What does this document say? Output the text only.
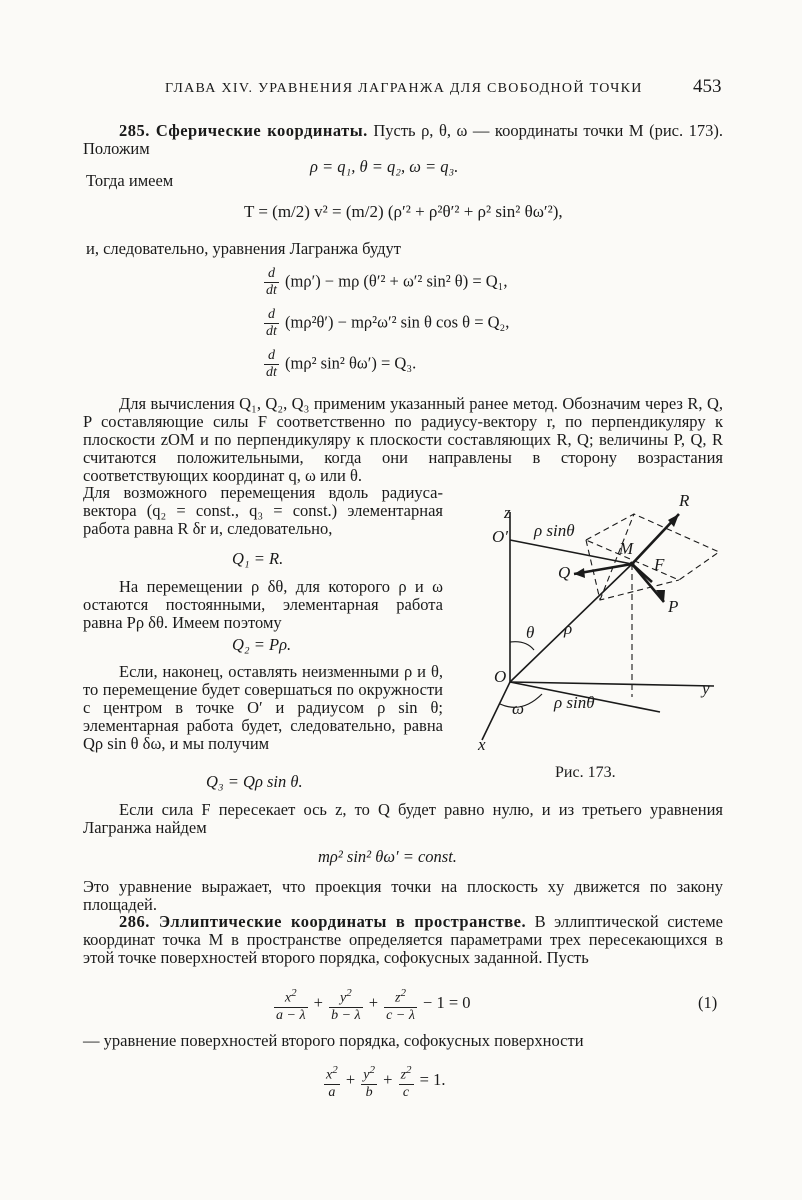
ГЛАВА XIV. УРАВНЕНИЯ ЛАГРАНЖА ДЛЯ СВОБОДНОЙ ТОЧКИ	453
285. Сферические координаты. Пусть ρ, θ, ω — координаты точки M (рис. 173). Положим
ρ = q₁, θ = q₂, ω = q₃.
Тогда имеем
T = (m/2) v² = (m/2) (ρ′² + ρ²θ′² + ρ² sin² θω′²),
и, следовательно, уравнения Лагранжа будут
$\frac{d}{dt} (m\rho') - m\rho$ (θ′² + ω′² sin² θ) = Q₁,
$\frac{d}{dt} (m\rho^2\theta') - m\rho^2\omega'^2$ sin θ cos θ = Q₂,
$\frac{d}{dt} (m\rho^2$ sin² θω′) = Q₃.
Для вычисления Q₁, Q₂, Q₃ применим указанный ранее метод. Обозначим через R, Q, P составляющие силы F соответственно по радиусу-вектору r, по перпендикуляру к плоскости zOM и по перпендикуляру к плоскости составляющих R, Q; величины P, Q, R считаются положительными, когда они направлены в сторону возрастания соответствующих координат q, ω или θ.
Для возможного перемещения вдоль радиуса-вектора (q₂ = const., q₃ = const.) элементарная работа равна R δr и, следовательно,
Q₁ = R.
На перемещении ρ δθ, для которого ρ и ω остаются постоянными, элементарная работа равна Pρ δθ. Имеем поэтому
Q₂ = Pρ.
Если, наконец, оставлять неизменными ρ и θ, то перемещение будет совершаться по окружности с центром в точке O′ и радиусом ρ sin θ; элементарная работа будет, следовательно, равна Qρ sin θ δω, и мы получим
Q₃ = Qρ sin θ.
z
O′ ρ sinθ
R
M
Q	F
P
θ ρ
O
y
ω ρ sinθ
x
Рис. 173.
Если сила F пересекает ось z, то Q будет равно нулю, и из третьего уравнения Лагранжа найдем
mρ² sin² θω′ = const.
Это уравнение выражает, что проекция точки на плоскость xy движется по закону площадей.
286. Эллиптические координаты в пространстве. В эллиптической системе координат точка M в пространстве определяется параметрами трех пересекающихся в этой точке поверхностей второго порядка, софокусных заданной. Пусть
$\frac{x^2}{a - \lambda} + \frac{y^2}{b - \lambda} + \frac{z^2}{c - \lambda} - 1 = 0$	(1)
— уравнение поверхностей второго порядка, софокусных поверхности
$\frac{x^2}{a} + \frac{y^2}{b} + \frac{z^2}{c} = 1$.
